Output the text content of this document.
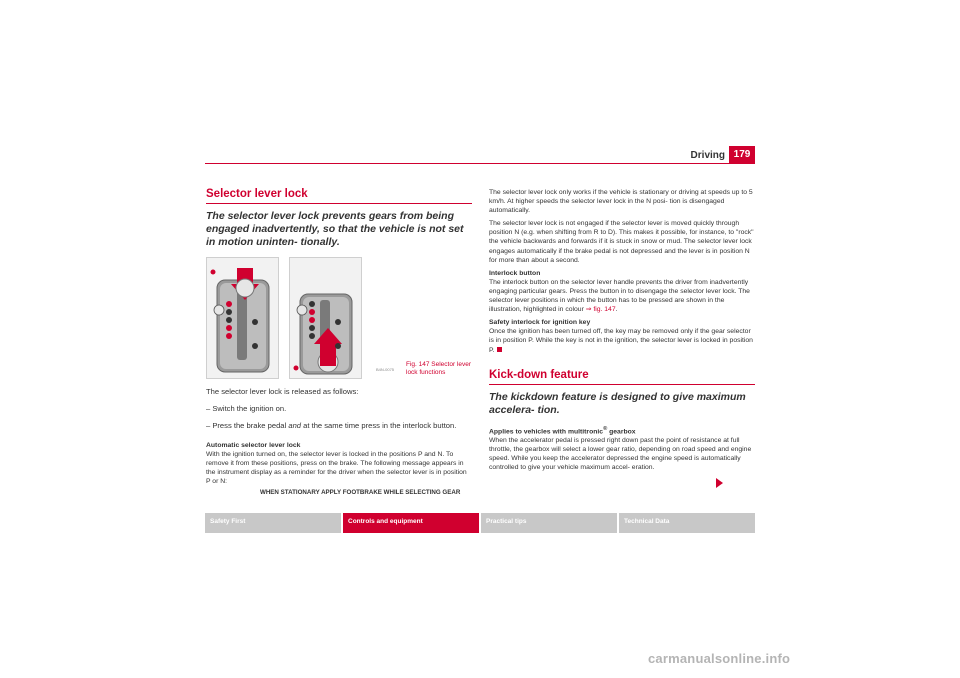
Driving 179
Selector lever lock
The selector lever lock prevents gears from being engaged inadvertently, so that the vehicle is not set in motion uninten- tionally.
B4N-0075
Fig. 147 Selector lever lock functions
The selector lever lock is released as follows:
– Switch the ignition on.
– Press the brake pedal and at the same time press in the interlock button.
Automatic selector lever lock
With the ignition turned on, the selector lever is locked in the positions P and N. To remove it from these positions, press on the brake. The following message appears in the instrument display as a reminder for the driver when the selector lever is in position P or N:
WHEN STATIONARY APPLY FOOTBRAKE WHILE SELECTING GEAR
The selector lever lock only works if the vehicle is stationary or driving at speeds up to 5 km/h. At higher speeds the selector lever lock in the N posi- tion is disengaged automatically.
The selector lever lock is not engaged if the selector lever is moved quickly through position N (e.g. when shifting from R to D). This makes it possible, for instance, to "rock" the vehicle backwards and forwards if it is stuck in snow or mud. The selector lever lock engages automatically if the brake pedal is not depressed and the lever is in position N for more than about a second.
Interlock button
The interlock button on the selector lever handle prevents the driver from inadvertently engaging particular gears. Press the button in to disengage the selector lever lock. The selector lever positions in which the button has to be pressed are shown in the illustration, highlighted in colour ⇒ fig. 147.
Safety interlock for ignition key
Once the ignition has been turned off, the key may be removed only if the gear selector is in position P. While the key is not in the ignition, the selector lever is locked in position P.
Kick-down feature
The kickdown feature is designed to give maximum accelera- tion.
Applies to vehicles with multitronic® gearbox
When the accelerator pedal is pressed right down past the point of resistance at full throttle, the gearbox will select a lower gear ratio, depending on road speed and engine speed. While you keep the accelerator depressed the engine speed is automatically controlled to give your vehicle maximum accel- eration.
Safety First	Controls and equipment	Practical tips	Technical Data
carmanualsonline.info
